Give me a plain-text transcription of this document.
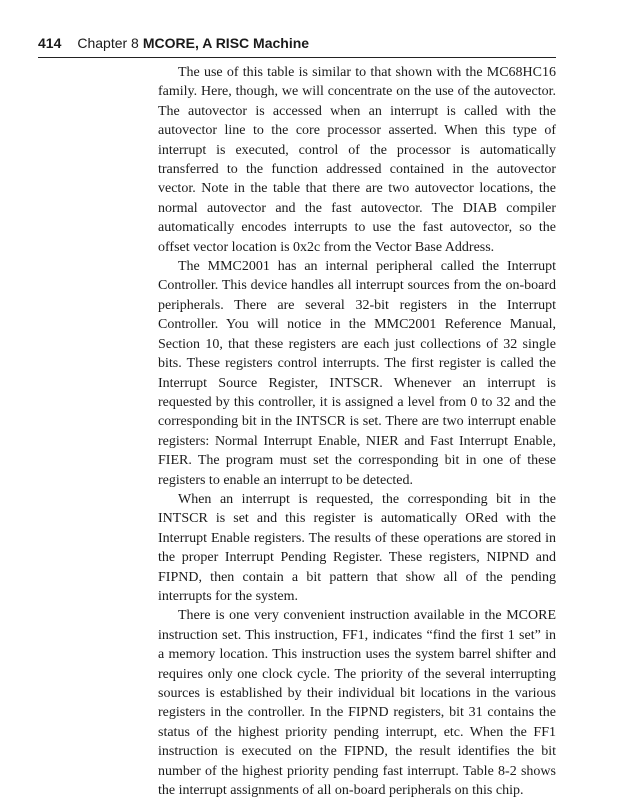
414 Chapter 8 MCORE, A RISC Machine

The use of this table is similar to that shown with the MC68HC16 family. Here, though, we will concentrate on the use of the autovector. The autovector is accessed when an interrupt is called with the autovector line to the core processor asserted. When this type of interrupt is executed, control of the processor is automatically transferred to the function addressed contained in the autovector vector. Note in the table that there are two autovector locations, the normal autovector and the fast autovector. The DIAB compiler automatically encodes interrupts to use the fast autovector, so the offset vector location is 0x2c from the Vector Base Address.

The MMC2001 has an internal peripheral called the Interrupt Controller. This device handles all interrupt sources from the on-board peripherals. There are several 32-bit registers in the Interrupt Controller. You will notice in the MMC2001 Reference Manual, Section 10, that these registers are each just collections of 32 single bits. These registers control interrupts. The first register is called the Interrupt Source Register, INTSCR. Whenever an interrupt is requested by this controller, it is assigned a level from 0 to 32 and the corresponding bit in the INTSCR is set. There are two interrupt enable registers: Normal Interrupt Enable, NIER and Fast Interrupt Enable, FIER. The program must set the corresponding bit in one of these registers to enable an interrupt to be detected.

When an interrupt is requested, the corresponding bit in the INTSCR is set and this register is automatically ORed with the Interrupt Enable registers. The results of these operations are stored in the proper Interrupt Pending Register. These registers, NIPND and FIPND, then contain a bit pattern that show all of the pending interrupts for the system.

There is one very convenient instruction available in the MCORE instruction set. This instruction, FF1, indicates “find the first 1 set” in a memory location. This instruction uses the system barrel shifter and requires only one clock cycle. The priority of the several interrupting sources is established by their individual bit locations in the various registers in the controller. In the FIPND registers, bit 31 contains the status of the highest priority pending interrupt, etc. When the FF1 instruction is executed on the FIPND, the result identifies the bit number of the highest priority pending fast interrupt. Table 8-2 shows the interrupt assignments of all on-board peripherals on this chip.
